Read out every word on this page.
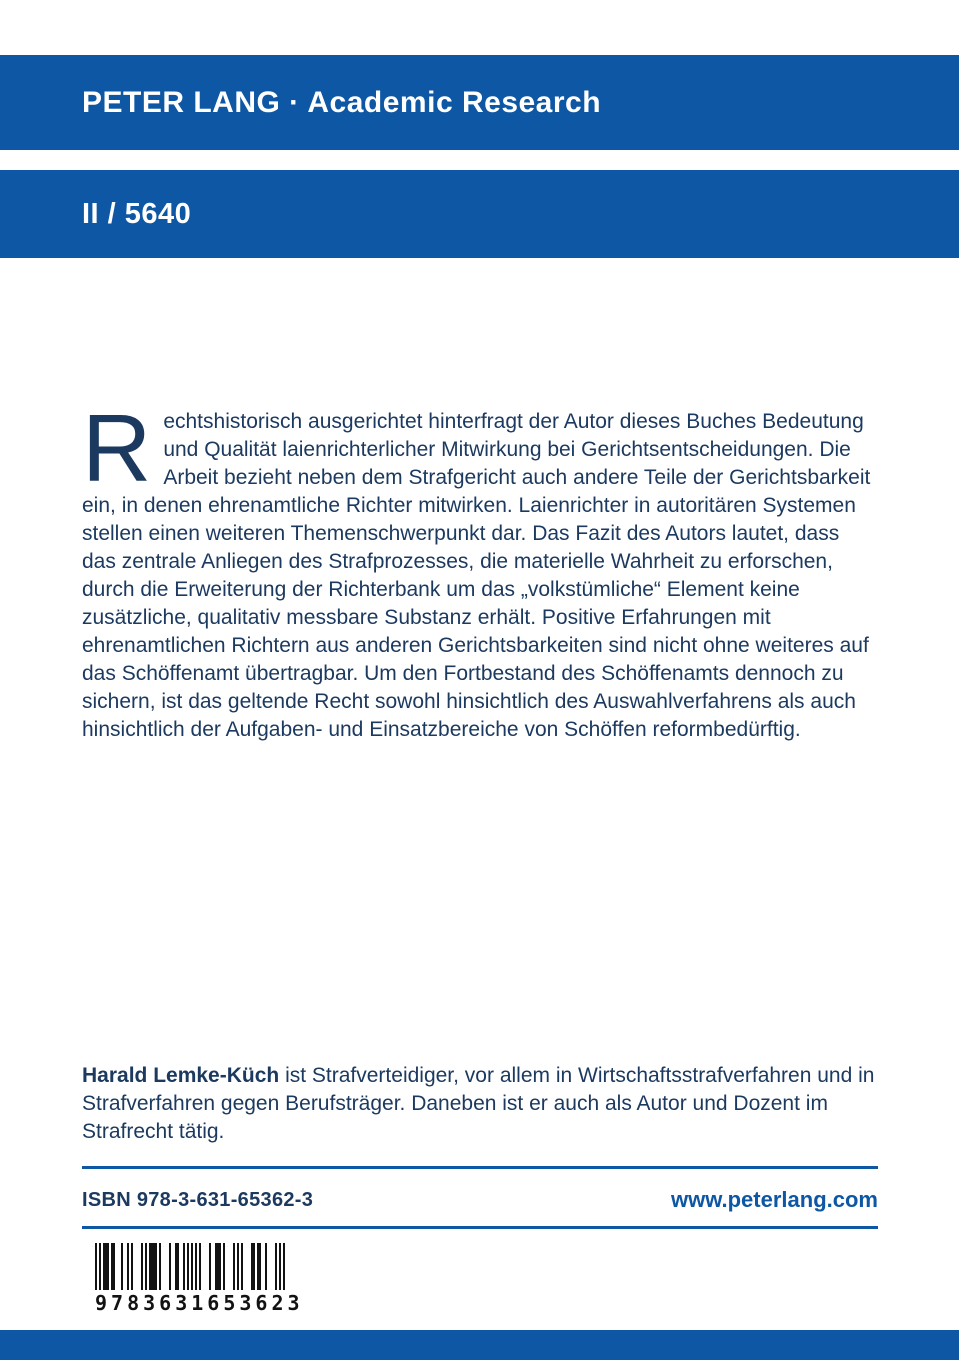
PETER LANG · Academic Research
II / 5640
Rechtshistorisch ausgerichtet hinterfragt der Autor dieses Buches Bedeutung und Qualität laienrichterlicher Mitwirkung bei Gerichtsentscheidungen. Die Arbeit bezieht neben dem Strafgericht auch andere Teile der Gerichtsbarkeit ein, in denen ehrenamtliche Richter mitwirken. Laienrichter in autoritären Systemen stellen einen weiteren Themenschwerpunkt dar. Das Fazit des Autors lautet, dass das zentrale Anliegen des Strafprozesses, die materielle Wahrheit zu erforschen, durch die Erweiterung der Richterbank um das „volkstümliche“ Element keine zusätzliche, qualitativ messbare Substanz erhält. Positive Erfahrungen mit ehrenamtlichen Richtern aus anderen Gerichtsbarkeiten sind nicht ohne weiteres auf das Schöffenamt übertragbar. Um den Fortbestand des Schöffenamts dennoch zu sichern, ist das geltende Recht sowohl hinsichtlich des Auswahlverfahrens als auch hinsichtlich der Aufgaben- und Einsatzbereiche von Schöffen reformbedürftig.
Harald Lemke-Küch ist Strafverteidiger, vor allem in Wirtschaftsstrafverfahren und in Strafverfahren gegen Berufsträger. Daneben ist er auch als Autor und Dozent im Strafrecht tätig.
ISBN 978-3-631-65362-3	www.peterlang.com
9783631653623
